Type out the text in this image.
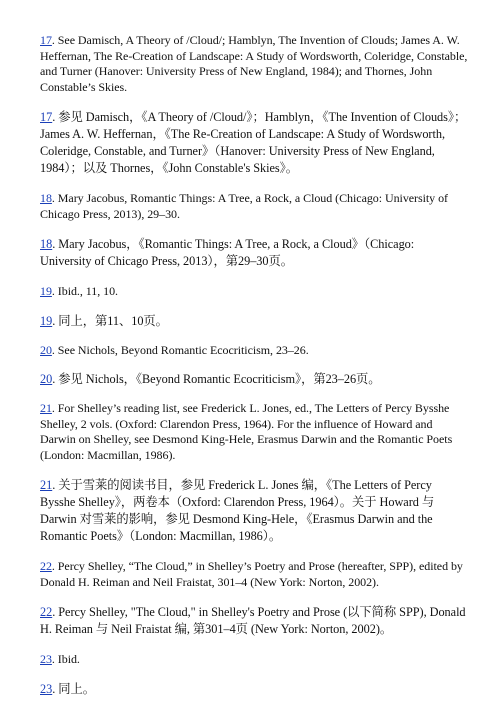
17. See Damisch, A Theory of /Cloud/; Hamblyn, The Invention of Clouds; James A. W. Heffernan, The Re-Creation of Landscape: A Study of Wordsworth, Coleridge, Constable, and Turner (Hanover: University Press of New England, 1984); and Thornes, John Constable’s Skies.

17. 参见 Damisch，《A Theory of /Cloud/》；Hamblyn，《The Invention of Clouds》；James A. W. Heffernan，《The Re-Creation of Landscape: A Study of Wordsworth, Coleridge, Constable, and Turner》（Hanover: University Press of New England, 1984）；以及 Thornes，《John Constable's Skies》。

18. Mary Jacobus, Romantic Things: A Tree, a Rock, a Cloud (Chicago: University of Chicago Press, 2013), 29–30.

18. Mary Jacobus，《Romantic Things: A Tree, a Rock, a Cloud》（Chicago: University of Chicago Press, 2013），第29–30页。

19. Ibid., 11, 10.

19. 同上，第11、10页。

20. See Nichols, Beyond Romantic Ecocriticism, 23–26.

20. 参见 Nichols，《Beyond Romantic Ecocriticism》，第23–26页。

21. For Shelley’s reading list, see Frederick L. Jones, ed., The Letters of Percy Bysshe Shelley, 2 vols. (Oxford: Clarendon Press, 1964). For the influence of Howard and Darwin on Shelley, see Desmond King-Hele, Erasmus Darwin and the Romantic Poets (London: Macmillan, 1986).

21. 关于雪莱的阅读书目，参见 Frederick L. Jones 编，《The Letters of Percy Bysshe Shelley》，两卷本（Oxford: Clarendon Press, 1964）。关于 Howard 与 Darwin 对雪莱的影响，参见 Desmond King-Hele，《Erasmus Darwin and the Romantic Poets》（London: Macmillan, 1986）。

22. Percy Shelley, “The Cloud,” in Shelley’s Poetry and Prose (hereafter, SPP), edited by Donald H. Reiman and Neil Fraistat, 301–4 (New York: Norton, 2002).

22. Percy Shelley, "The Cloud," in Shelley's Poetry and Prose (以下简称 SPP), Donald H. Reiman 与 Neil Fraistat 编, 第301–4页 (New York: Norton, 2002)。

23. Ibid.

23. 同上。
